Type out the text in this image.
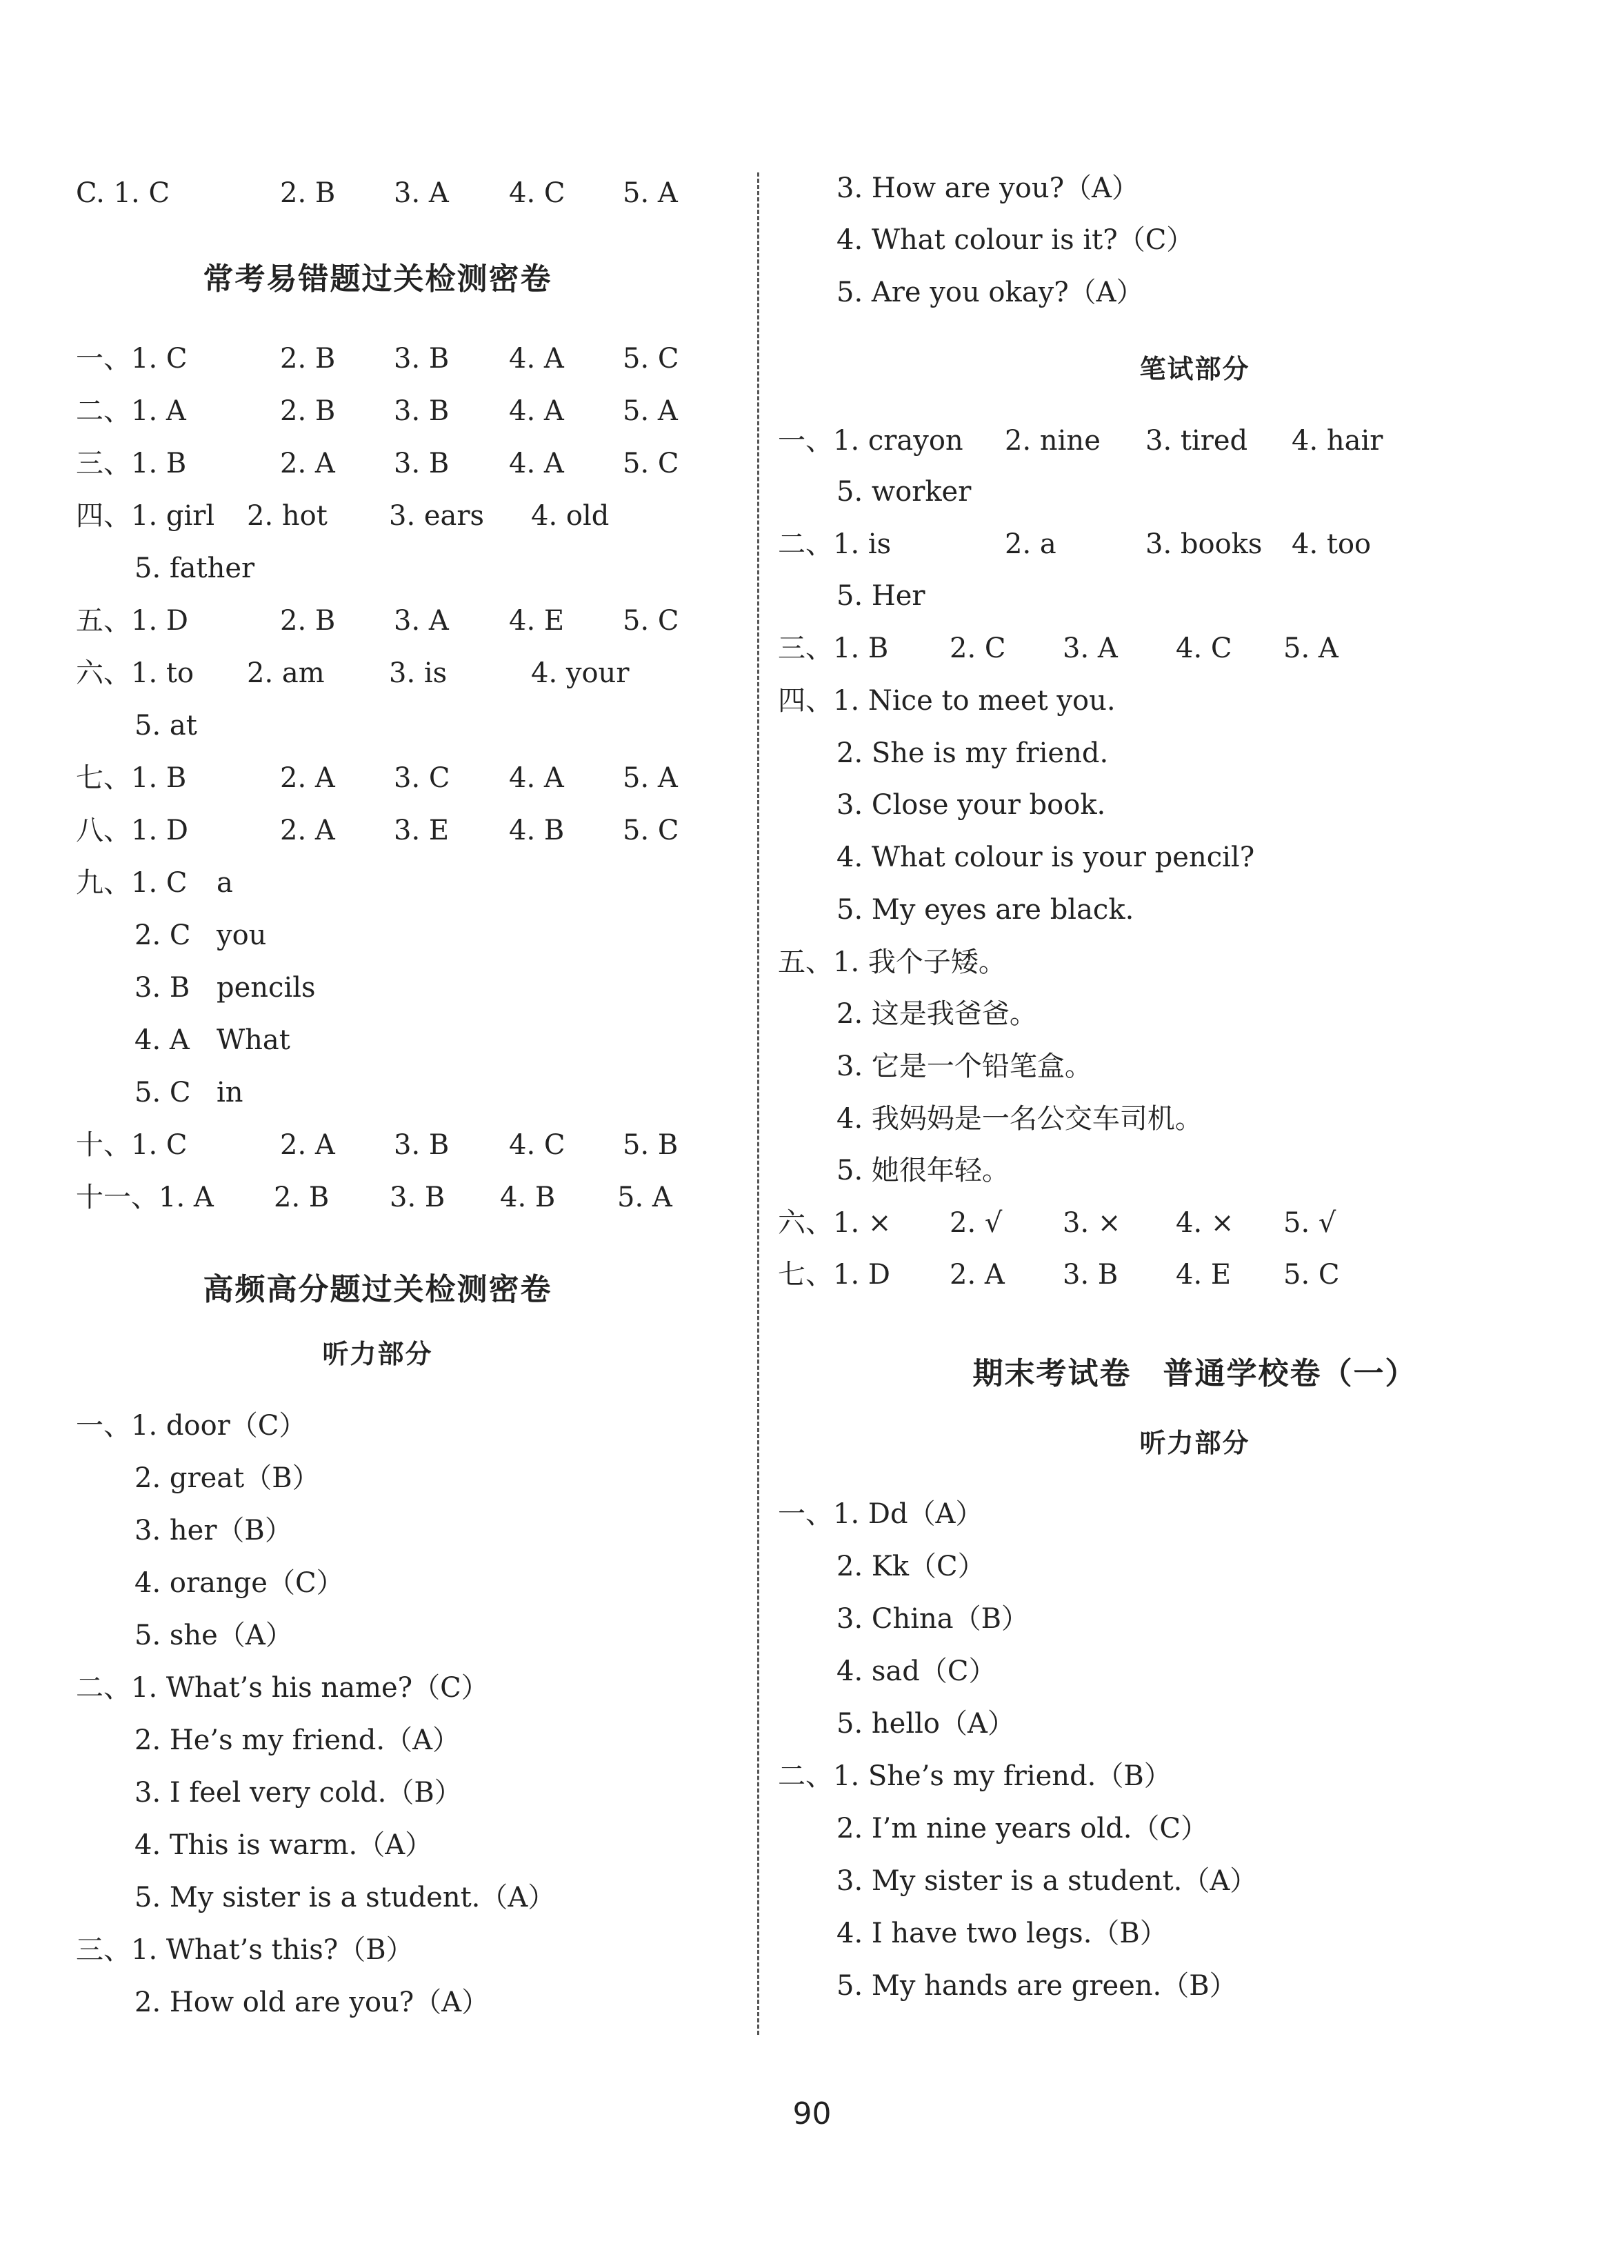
C. 1. C	2. B 3. A 4. C 5. A
常考易错题过关检测密卷
一、1. C	2. B 3. B 4. A 5. C
二、1. A	2. B 3. B 4. A 5. A
三、1. B	2. A 3. B 4. A 5. C
四、1. girl 2. hot 3. ears 4. old
5. father
五、1. D	2. B 3. A 4. E 5. C
六、1. to 2. am 3. is	4. your
5. at
七、1. B	2. A 3. C 4. A 5. A
八、1. D	2. A 3. E 4. B 5. C
九、1. C a
2. C you
3. B pencils
4. A What
5. C in
十、1. C	2. A 3. B 4. C 5. B
十一、1. A 2. B 3. B 4. B 5. A
高频高分题过关检测密卷
听力部分
一、1. door（C）
2. great（B）
3. her（B）
4. orange（C）
5. she（A）
二、1. What’s his name?（C）
2. He’s my friend.（A）
3. I feel very cold.（B）
4. This is warm.（A）
5. My sister is a student.（A）
三、1. What’s this?（B）
2. How old are you?（A）
3. How are you?（A）
4. What colour is it?（C）
5. Are you okay?（A）
笔试部分
一、1. crayon 2. nine 3. tired 4. hair
5. worker
二、1. is	2. a	3. books 4. too
5. Her
三、1. B 2. C 3. A 4. C 5. A
四、1. Nice to meet you.
2. She is my friend.
3. Close your book.
4. What colour is your pencil?
5. My eyes are black.
五、1. 我个子矮。
2. 这是我爸爸。
3. 它是一个铅笔盒。
4. 我妈妈是一名公交车司机。
5. 她很年轻。
六、1. × 2. √ 3. × 4. × 5. √
七、1. D 2. A 3. B 4. E 5. C
期末考试卷　普通学校卷（一）
听力部分
一、1. Dd（A）
2. Kk（C）
3. China（B）
4. sad（C）
5. hello（A）
二、1. She’s my friend.（B）
2. I’m nine years old.（C）
3. My sister is a student.（A）
4. I have two legs.（B）
5. My hands are green.（B）
90
